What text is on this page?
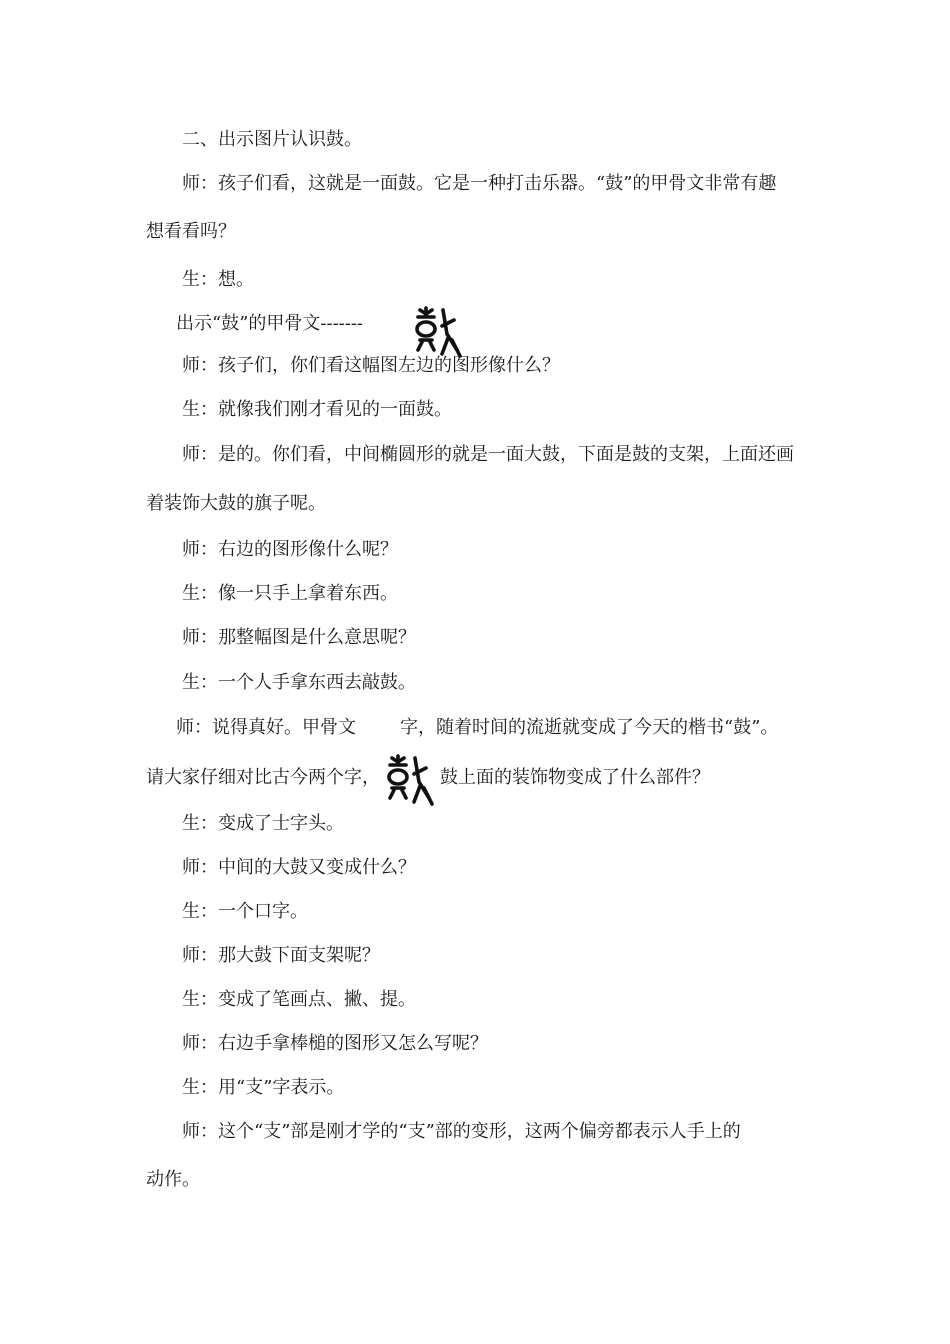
二、出示图片认识鼓。
师：孩子们看，这就是一面鼓。它是一种打击乐器。“鼓”的甲骨文非常有趣
想看看吗？
生：想。
出示“鼓”的甲骨文-------
师：孩子们，你们看这幅图左边的图形像什么？
生：就像我们刚才看见的一面鼓。
师：是的。你们看，中间椭圆形的就是一面大鼓，下面是鼓的支架，上面还画
着装饰大鼓的旗子呢。
师：右边的图形像什么呢？
生：像一只手上拿着东西。
师：那整幅图是什么意思呢？
生：一个人手拿东西去敲鼓。
师：说得真好。甲骨文 字，随着时间的流逝就变成了今天的楷书“鼓”。
请大家仔细对比古今两个字，	鼓上面的装饰物变成了什么部件？
生：变成了士字头。
师：中间的大鼓又变成什么？
生：一个口字。
师：那大鼓下面支架呢？
生：变成了笔画点、撇、提。
师：右边手拿棒槌的图形又怎么写呢？
生：用“支”字表示。
师：这个“支”部是刚才学的“支”部的变形，这两个偏旁都表示人手上的
动作。
